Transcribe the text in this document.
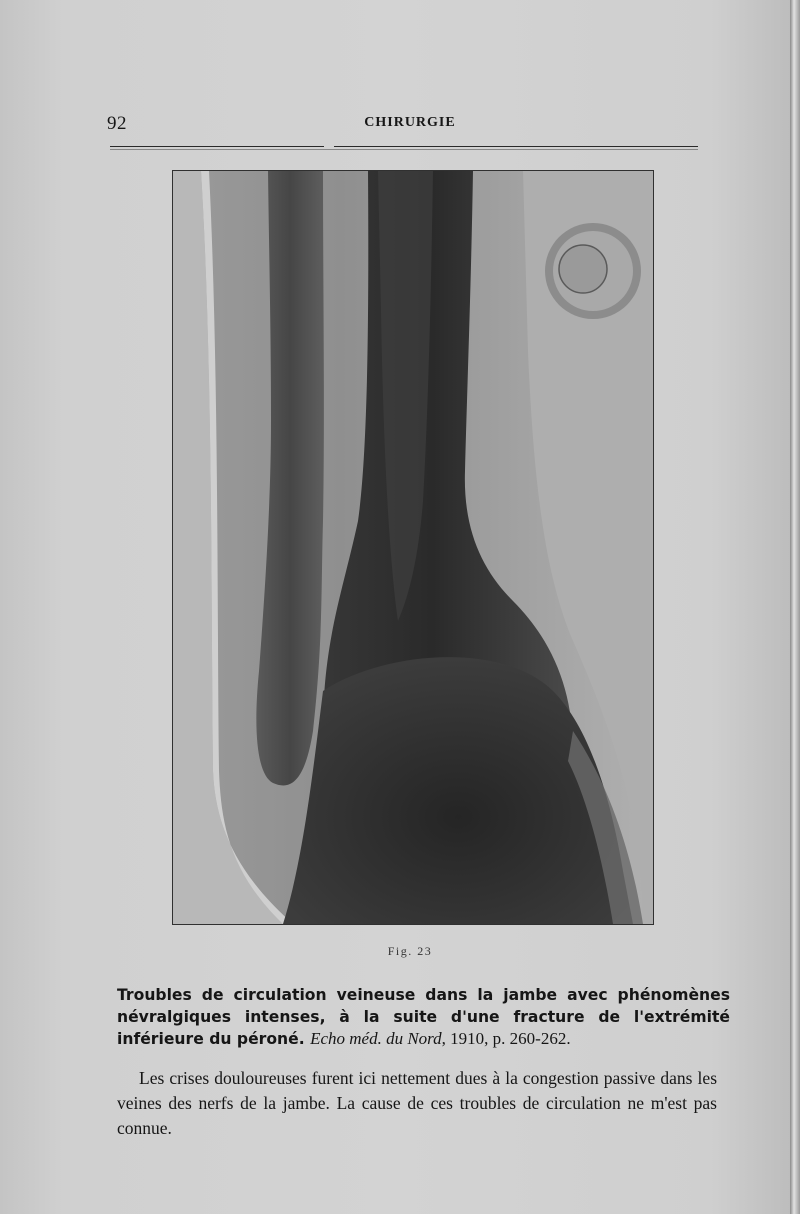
92	CHIRURGIE
Fig. 23
Troubles de circulation veineuse dans la jambe avec phénomènes névralgiques intenses, à la suite d'une fracture de l'extrémité inférieure du péroné. Echo méd. du Nord, 1910, p. 260-262.
Les crises douloureuses furent ici nettement dues à la congestion passive dans les veines des nerfs de la jambe. La cause de ces troubles de circulation ne m'est pas connue.
